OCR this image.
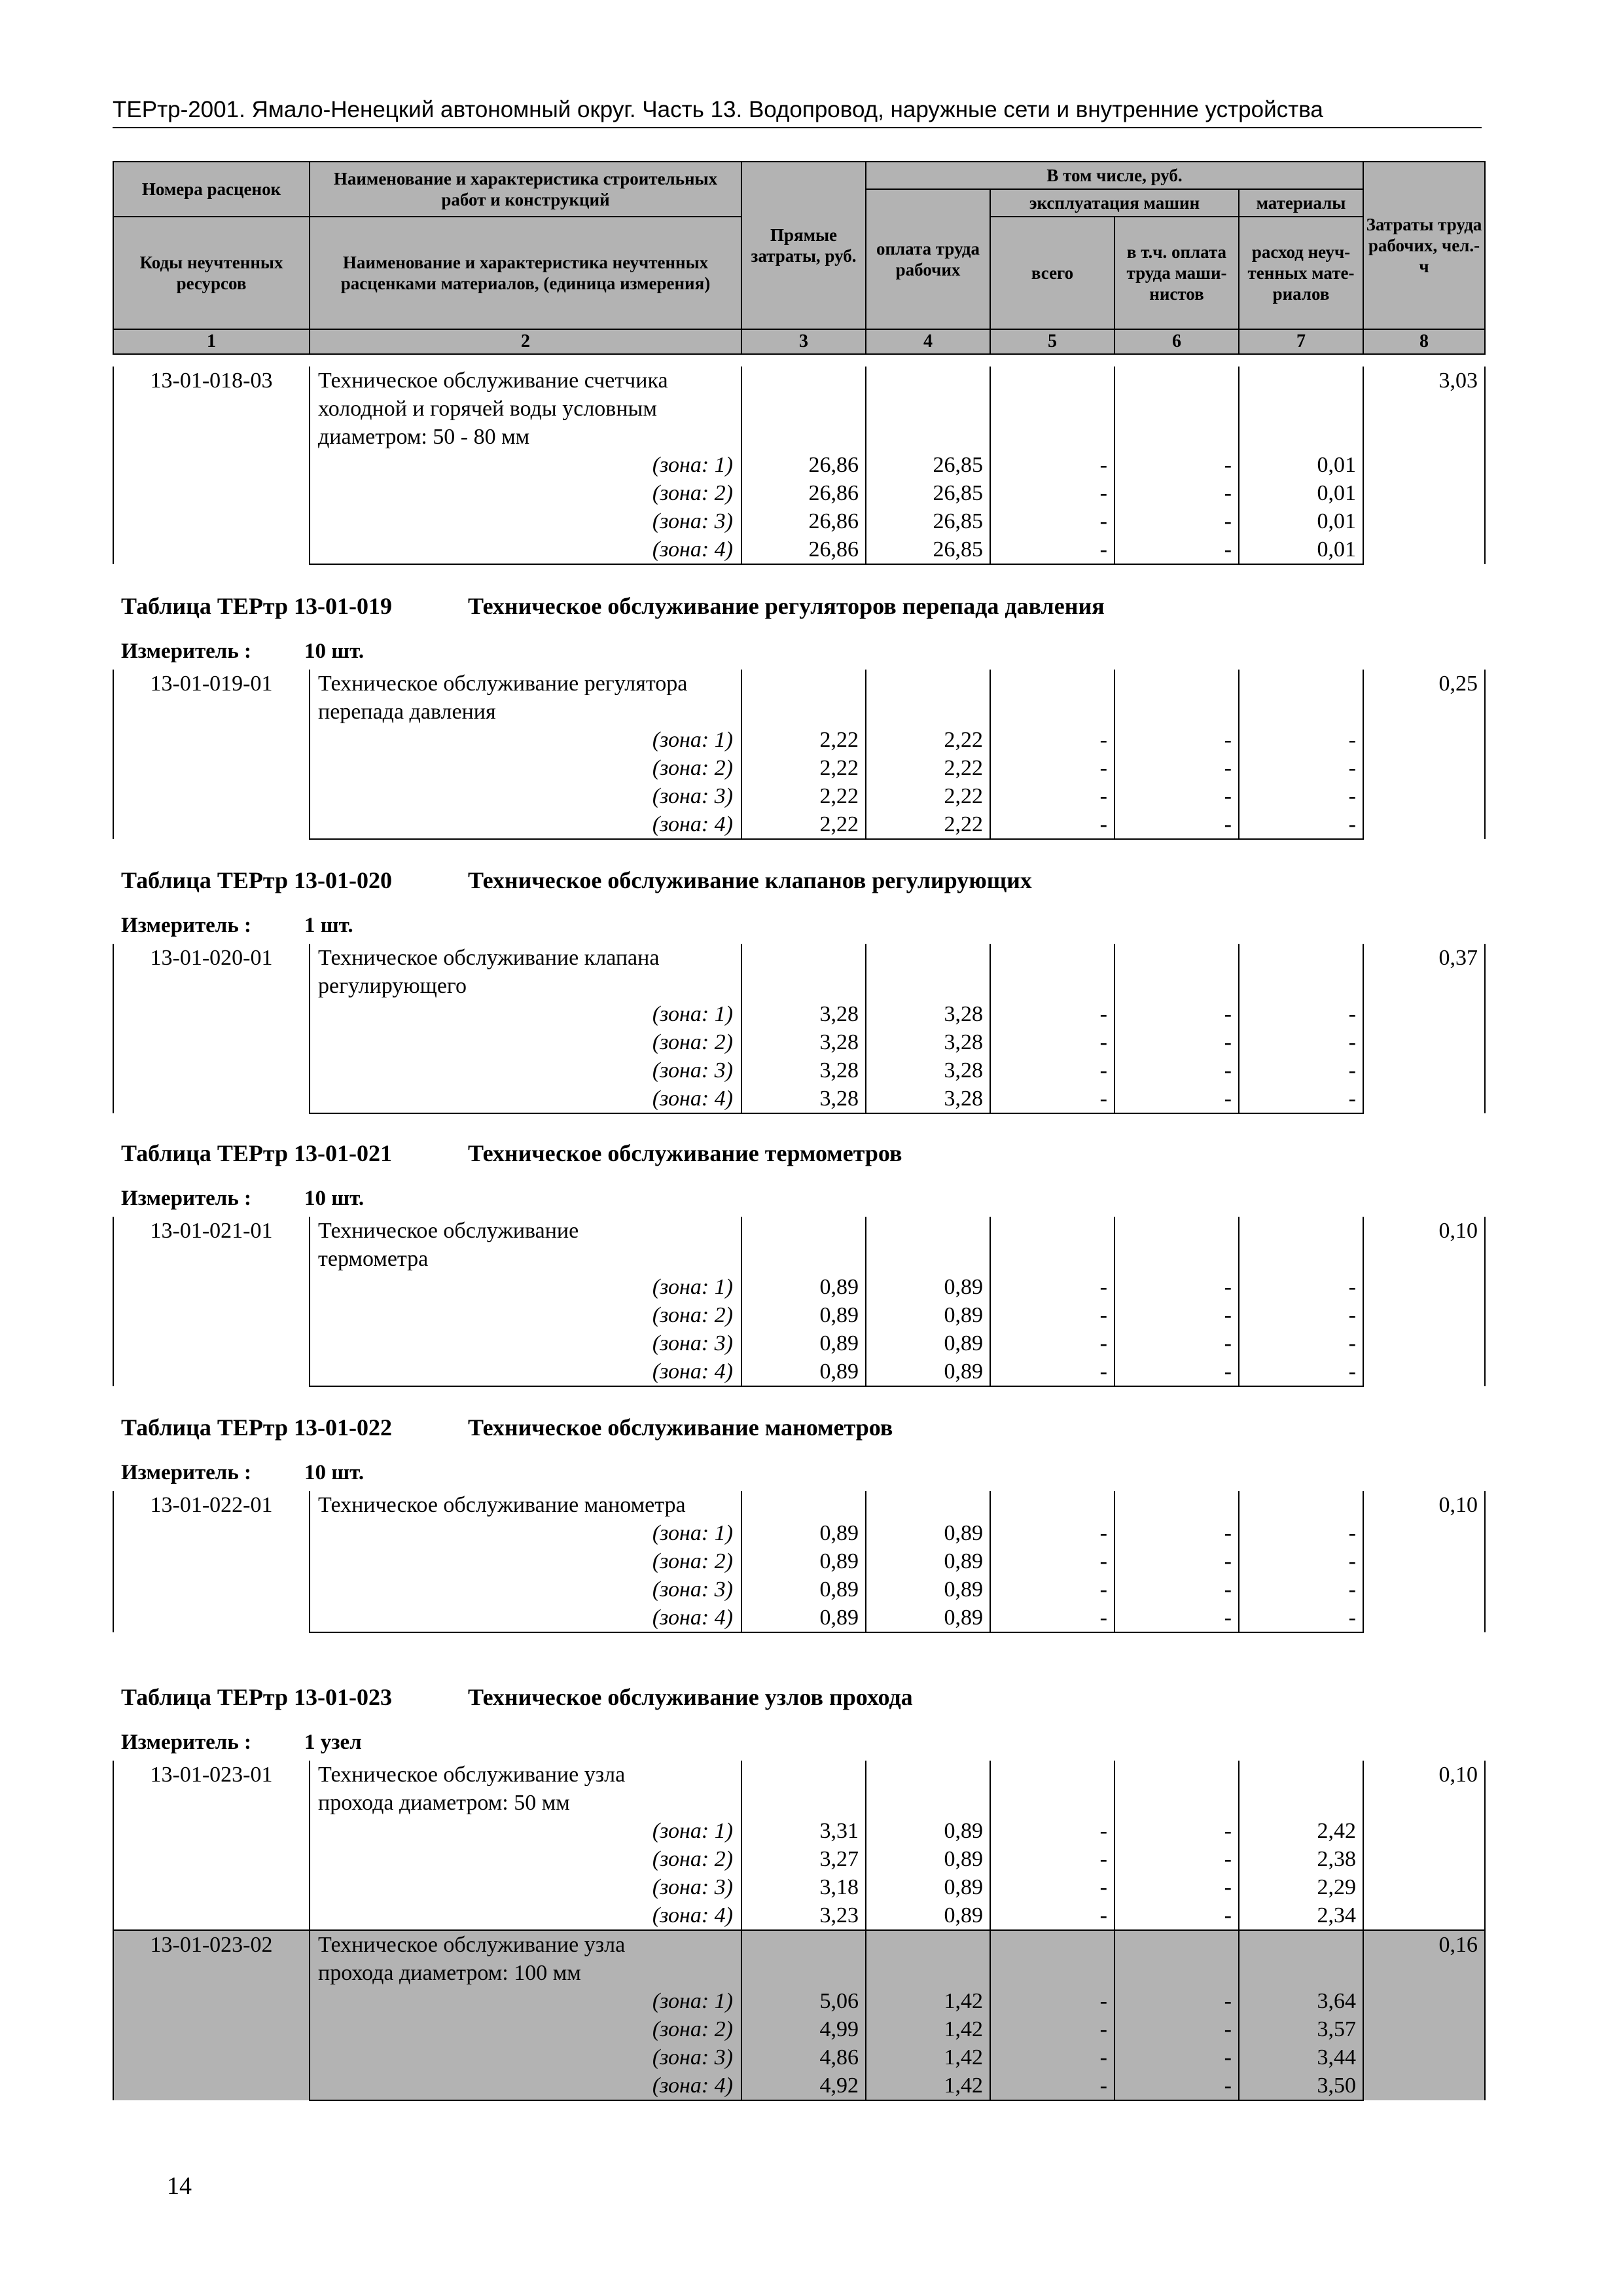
ТЕРтр-2001. Ямало-Ненецкий автономный округ. Часть 13. Водопровод, наружные сети и внутренние устройства
Номера расценок	Наименование и характеристика строительных работ и конструкций	Прямые затраты, руб.	В том числе, руб.				Затраты труда рабочих, чел.-ч
			оплата труда рабочих	эксплуатация машин		материалы	
Коды неучтенных ресурсов	Наименование и характеристика неучтенных расценками материалов, (единица измерения)			всего	в т.ч. оплата труда маши-нистов	расход неуч-тенных мате-риалов	

1	2	3	4	5	6	7	8
13-01-018-03	Техническое обслуживание счетчика						3,03
	холодной и горячей воды условным						
	диаметром: 50 - 80 мм						
	(зона: 1)	26,86	26,85	-	-	0,01	
	(зона: 2)	26,86	26,85	-	-	0,01	
	(зона: 3)	26,86	26,85	-	-	0,01	
	(зона: 4)	26,86	26,85	-	-	0,01	
Таблица ТЕРтр 13-01-019	Техническое обслуживание регуляторов перепада давления
Измеритель : 10 шт.
13-01-019-01	Техническое обслуживание регулятора						0,25
	перепада давления						
	(зона: 1)	2,22	2,22	-	-	-	
	(зона: 2)	2,22	2,22	-	-	-	
	(зона: 3)	2,22	2,22	-	-	-	
	(зона: 4)	2,22	2,22	-	-	-	
Таблица ТЕРтр 13-01-020	Техническое обслуживание клапанов регулирующих
Измеритель : 1 шт.
13-01-020-01	Техническое обслуживание клапана						0,37
	регулирующего						
	(зона: 1)	3,28	3,28	-	-	-	
	(зона: 2)	3,28	3,28	-	-	-	
	(зона: 3)	3,28	3,28	-	-	-	
	(зона: 4)	3,28	3,28	-	-	-	
Таблица ТЕРтр 13-01-021	Техническое обслуживание термометров
Измеритель : 10 шт.
13-01-021-01	Техническое обслуживание						0,10
	термометра						
	(зона: 1)	0,89	0,89	-	-	-	
	(зона: 2)	0,89	0,89	-	-	-	
	(зона: 3)	0,89	0,89	-	-	-	
	(зона: 4)	0,89	0,89	-	-	-	
Таблица ТЕРтр 13-01-022	Техническое обслуживание манометров
Измеритель : 10 шт.
13-01-022-01	Техническое обслуживание манометра						0,10
	(зона: 1)	0,89	0,89	-	-	-	
	(зона: 2)	0,89	0,89	-	-	-	
	(зона: 3)	0,89	0,89	-	-	-	
	(зона: 4)	0,89	0,89	-	-	-	
Таблица ТЕРтр 13-01-023	Техническое обслуживание узлов прохода
Измеритель : 1 узел
13-01-023-01	Техническое обслуживание узла						0,10
	прохода диаметром: 50 мм						
	(зона: 1)	3,31	0,89	-	-	2,42	
	(зона: 2)	3,27	0,89	-	-	2,38	
	(зона: 3)	3,18	0,89	-	-	2,29	
	(зона: 4)	3,23	0,89	-	-	2,34	
13-01-023-02	Техническое обслуживание узла						0,16
	прохода диаметром: 100 мм						
	(зона: 1)	5,06	1,42	-	-	3,64	
	(зона: 2)	4,99	1,42	-	-	3,57	
	(зона: 3)	4,86	1,42	-	-	3,44	
	(зона: 4)	4,92	1,42	-	-	3,50	
14
